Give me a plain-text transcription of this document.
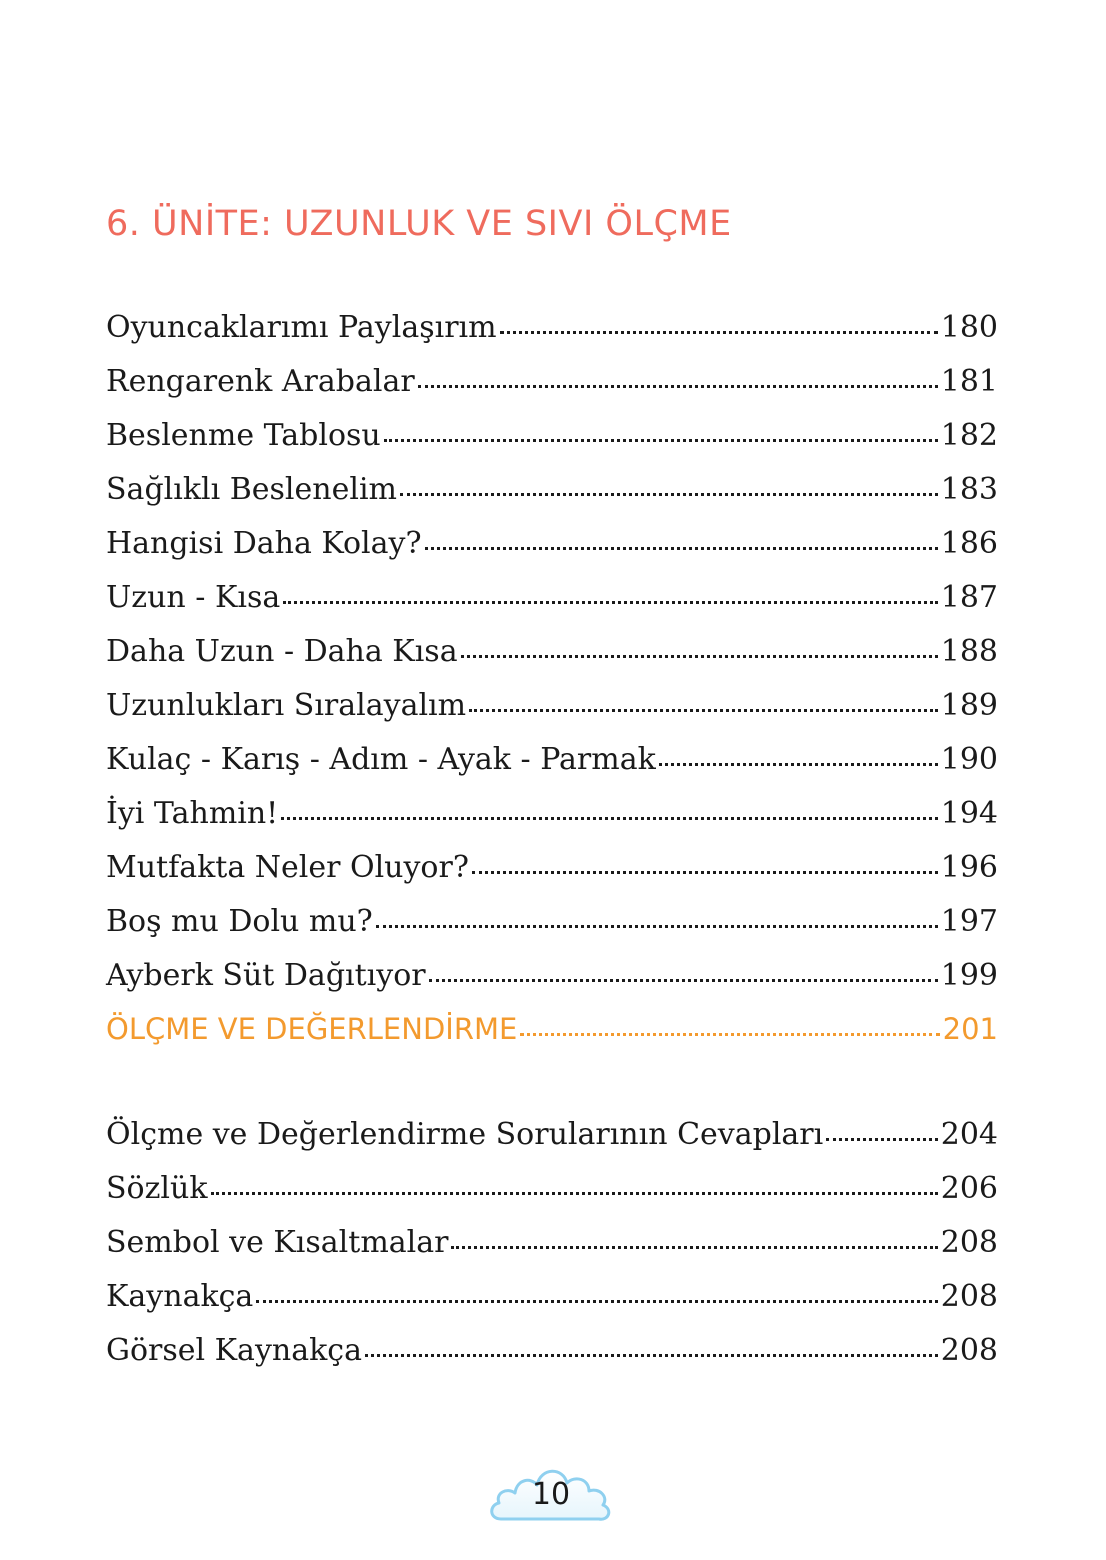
6. ÜNİTE: UZUNLUK VE SIVI ÖLÇME
Oyuncaklarımı Paylaşırım	180
Rengarenk Arabalar	181
Beslenme Tablosu	182
Sağlıklı Beslenelim	183
Hangisi Daha Kolay?	186
Uzun - Kısa	187
Daha Uzun - Daha Kısa	188
Uzunlukları Sıralayalım	189
Kulaç - Karış - Adım - Ayak - Parmak	190
İyi Tahmin!	194
Mutfakta Neler Oluyor?	196
Boş mu Dolu mu?	197
Ayberk Süt Dağıtıyor	199
ÖLÇME VE DEĞERLENDİRME	201
Ölçme ve Değerlendirme Sorularının Cevapları	204
Sözlük	206
Sembol ve Kısaltmalar	208
Kaynakça	208
Görsel Kaynakça	208
10
